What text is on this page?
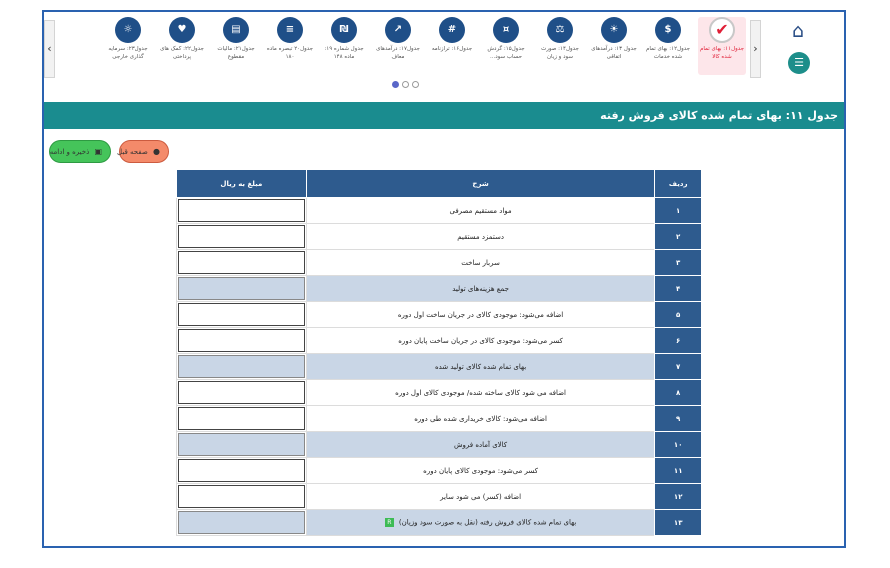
‹
✔
جدول۱۱: بهای تمام شده کالا
$
جدول۱۲: بهای تمام شده خدمات
☀
جدول ۱۳: درآمدهای اتفاقی
⚖
جدول۱۴: صورت سود و زیان
¤
جدول۱۵: گردش حساب سود...
#
جدول۱۶: ترازنامه
↗
جدول۱۷: درآمدهای معاف
₪
جدول شماره ۱۹: ماده ۱۴۸
≡
جدول۲۰ تبصره ماده ۱۸۰
▤
جدول۲۱: مالیات مقطوع
♥
جدول۲۲: کمک های پرداختی
☼
جدول۲۳: سرمایه گذاری خارجی
›
⌂
☰
جدول ۱۱: بهای تمام شده کالای فروش رفته
▣ ذخیره و ادامه	● صفحه قبل
ردیف	شرح	مبلغ به ریال
۱	مواد مستقیم مصرفی	

۲	دستمزد مستقیم	

۳	سربار ساخت	

۴	جمع هزینه‌های تولید	

۵	اضافه می‌شود: موجودی کالای در جریان ساخت اول دوره	

۶	کسر می‌شود: موجودی کالای در جریان ساخت پایان دوره	

۷	بهای تمام شده کالای تولید شده	

۸	اضافه می شود کالای ساخته شده/ موجودی کالای اول دوره	

۹	اضافه می‌شود: کالای خریداری شده طی دوره	

۱۰	کالای آماده فروش	

۱۱	کسر می‌شود: موجودی کالای پایان دوره	

۱۲	اضافه (کسر) می شود سایر	

۱۳	بهای تمام شده کالای فروش رفته (نقل به صورت سود وزیان)R	
